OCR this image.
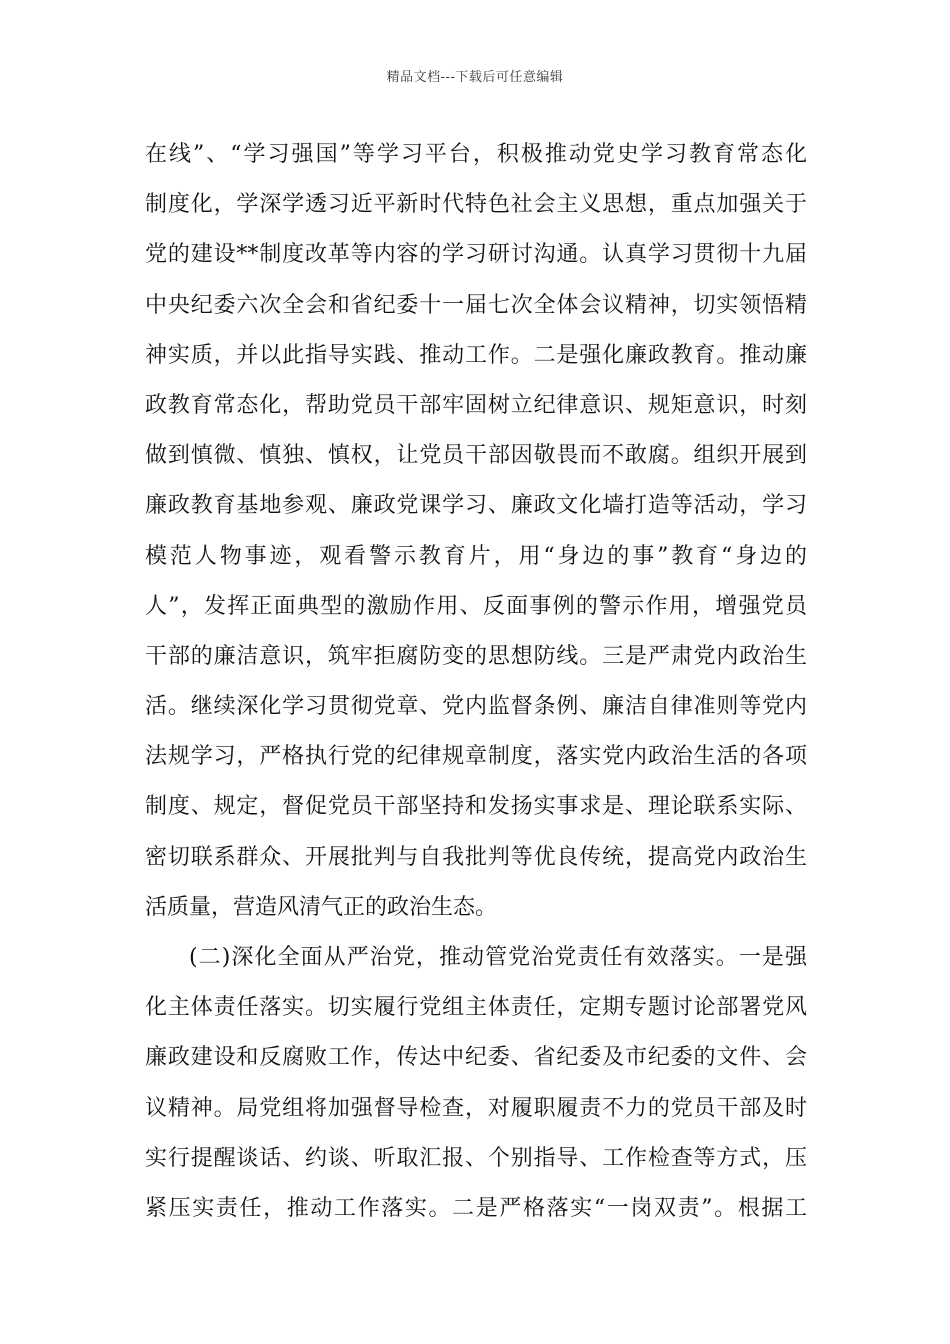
精品文档---下载后可任意编辑
在线”、“学习强国”等学习平台，积极推动党史学习教育常态化
制度化，学深学透习近平新时代特色社会主义思想，重点加强关于
党的建设**制度改革等内容的学习研讨沟通。认真学习贯彻十九届
中央纪委六次全会和省纪委十一届七次全体会议精神，切实领悟精
神实质，并以此指导实践、推动工作。二是强化廉政教育。推动廉
政教育常态化，帮助党员干部牢固树立纪律意识、规矩意识，时刻
做到慎微、慎独、慎权，让党员干部因敬畏而不敢腐。组织开展到
廉政教育基地参观、廉政党课学习、廉政文化墙打造等活动，学习
模范人物事迹，观看警示教育片，用“身边的事”教育“身边的
人”，发挥正面典型的激励作用、反面事例的警示作用，增强党员
干部的廉洁意识，筑牢拒腐防变的思想防线。三是严肃党内政治生
活。继续深化学习贯彻党章、党内监督条例、廉洁自律准则等党内
法规学习，严格执行党的纪律规章制度，落实党内政治生活的各项
制度、规定，督促党员干部坚持和发扬实事求是、理论联系实际、
密切联系群众、开展批判与自我批判等优良传统，提高党内政治生
活质量，营造风清气正的政治生态。
(二)深化全面从严治党，推动管党治党责任有效落实。一是强
化主体责任落实。切实履行党组主体责任，定期专题讨论部署党风
廉政建设和反腐败工作，传达中纪委、省纪委及市纪委的文件、会
议精神。局党组将加强督导检查，对履职履责不力的党员干部及时
实行提醒谈话、约谈、听取汇报、个别指导、工作检查等方式，压
紧压实责任，推动工作落实。二是严格落实“一岗双责”。根据工
